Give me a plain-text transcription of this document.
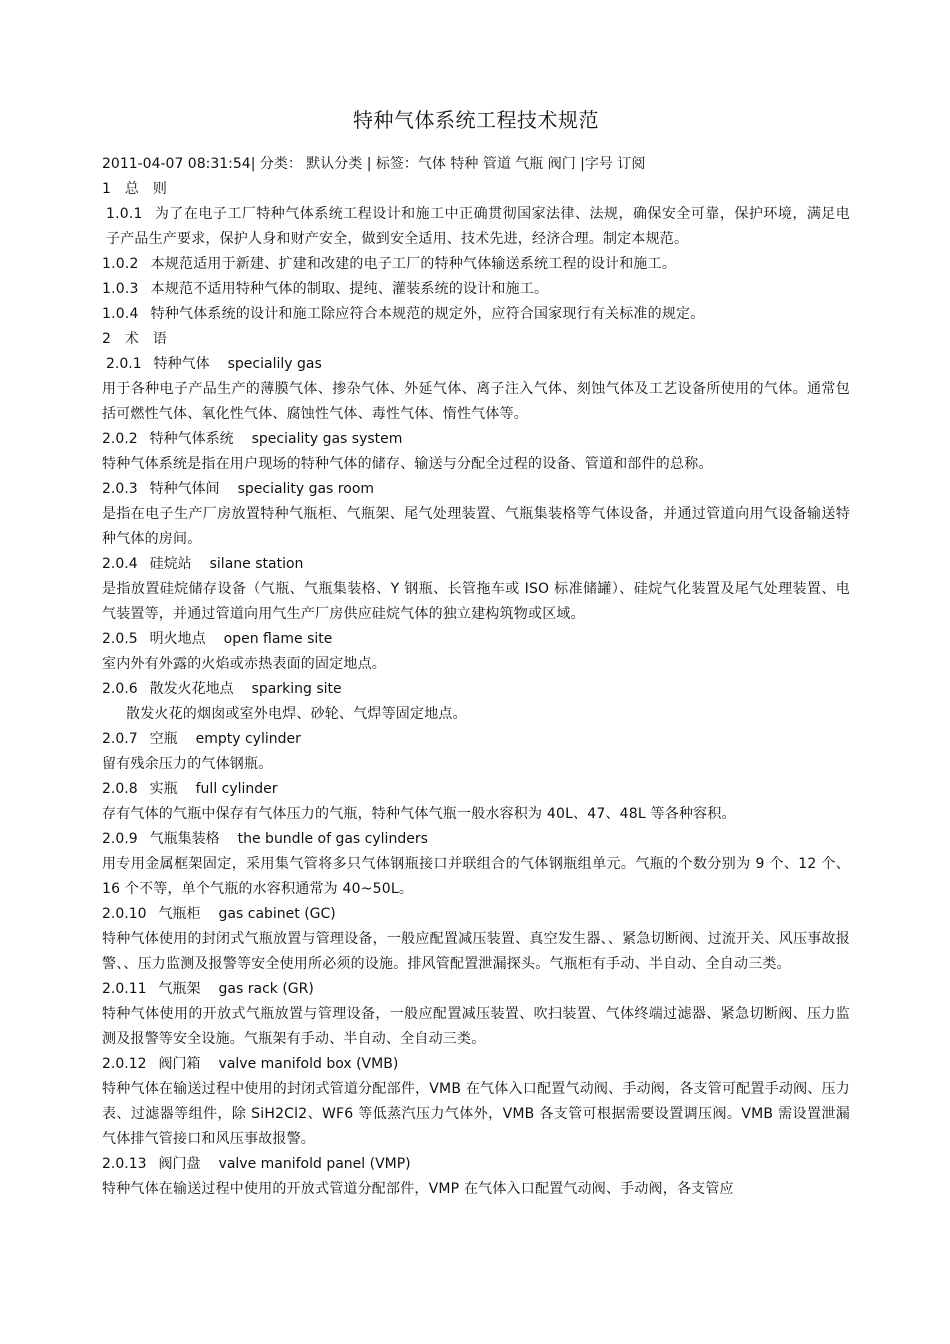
特种气体系统工程技术规范

2011-04-07 08:31:54| 分类： 默认分类 | 标签：气体 特种 管道 气瓶 阀门 |字号 订阅

1　总　则

1.0.1 为了在电子工厂特种气体系统工程设计和施工中正确贯彻国家法律、法规，确保安全可靠，保护环境，满足电子产品生产要求，保护人身和财产安全，做到安全适用、技术先进，经济合理。制定本规范。

1.0.2 本规范适用于新建、扩建和改建的电子工厂的特种气体输送系统工程的设计和施工。

1.0.3 本规范不适用特种气体的制取、提纯、灌装系统的设计和施工。

1.0.4 特种气体系统的设计和施工除应符合本规范的规定外，应符合国家现行有关标准的规定。

2　术　语

2.0.1 特种气体 specialily gas

用于各种电子产品生产的薄膜气体、掺杂气体、外延气体、离子注入气体、刻蚀气体及工艺设备所使用的气体。通常包括可燃性气体、氧化性气体、腐蚀性气体、毒性气体、惰性气体等。

2.0.2 特种气体系统 speciality gas system

特种气体系统是指在用户现场的特种气体的储存、输送与分配全过程的设备、管道和部件的总称。

2.0.3 特种气体间 speciality gas room

是指在电子生产厂房放置特种气瓶柜、气瓶架、尾气处理装置、气瓶集装格等气体设备，并通过管道向用气设备输送特种气体的房间。

2.0.4 硅烷站 silane station

是指放置硅烷储存设备（气瓶、气瓶集装格、Y 钢瓶、长管拖车或 ISO 标准储罐）、硅烷气化装置及尾气处理装置、电气装置等，并通过管道向用气生产厂房供应硅烷气体的独立建构筑物或区域。

2.0.5 明火地点 open flame site

室内外有外露的火焰或赤热表面的固定地点。

2.0.6 散发火花地点 sparking site

散发火花的烟囱或室外电焊、砂轮、气焊等固定地点。

2.0.7 空瓶 empty cylinder

留有残余压力的气体钢瓶。

2.0.8 实瓶 full cylinder

存有气体的气瓶中保存有气体压力的气瓶，特种气体气瓶一般水容积为 40L、47、48L 等各种容积。

2.0.9 气瓶集装格 the bundle of gas cylinders

用专用金属框架固定，采用集气管将多只气体钢瓶接口并联组合的气体钢瓶组单元。气瓶的个数分别为 9 个、12 个、16 个不等，单个气瓶的水容积通常为 40~50L。

2.0.10 气瓶柜 gas cabinet (GC)

特种气体使用的封闭式气瓶放置与管理设备，一般应配置减压装置、真空发生器、、紧急切断阀、过流开关、风压事故报警、、压力监测及报警等安全使用所必须的设施。排风管配置泄漏探头。气瓶柜有手动、半自动、全自动三类。

2.0.11 气瓶架 gas rack (GR)

特种气体使用的开放式气瓶放置与管理设备，一般应配置减压装置、吹扫装置、气体终端过滤器、紧急切断阀、压力监测及报警等安全设施。气瓶架有手动、半自动、全自动三类。

2.0.12 阀门箱 valve manifold box (VMB)

特种气体在输送过程中使用的封闭式管道分配部件，VMB 在气体入口配置气动阀、手动阀，各支管可配置手动阀、压力表、过滤器等组件，除 SiH2Cl2、WF6 等低蒸汽压力气体外，VMB 各支管可根据需要设置调压阀。VMB 需设置泄漏气体排气管接口和风压事故报警。

2.0.13 阀门盘 valve manifold panel (VMP)

特种气体在输送过程中使用的开放式管道分配部件，VMP 在气体入口配置气动阀、手动阀，各支管应
